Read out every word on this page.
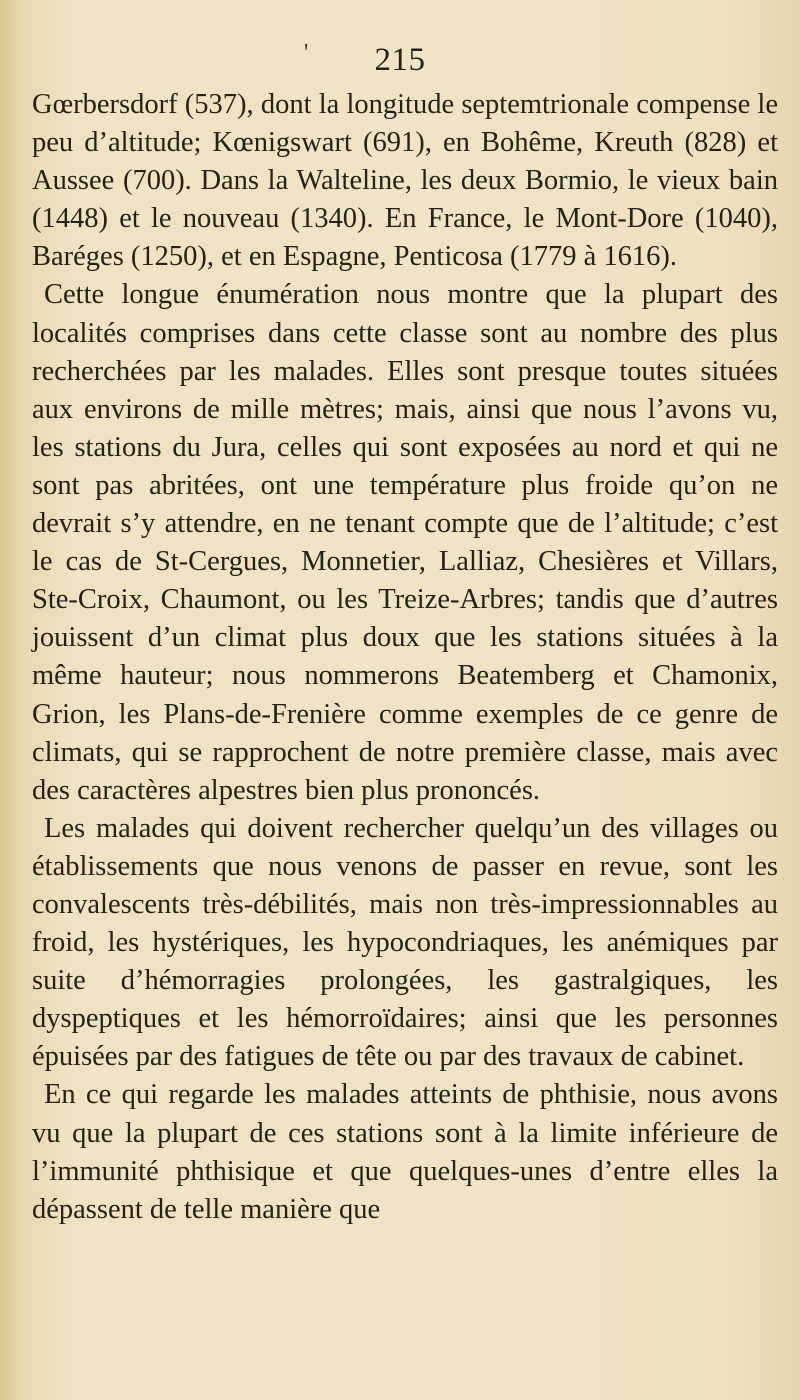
' 215

Gœrbersdorf (537), dont la longitude septemtrionale compense le peu d’altitude; Kœnigswart (691), en Bohême, Kreuth (828) et Aussee (700). Dans la Walteline, les deux Bormio, le vieux bain (1448) et le nouveau (1340). En France, le Mont-Dore (1040), Baréges (1250), et en Espagne, Penticosa (1779 à 1616).

Cette longue énumération nous montre que la plupart des localités comprises dans cette classe sont au nombre des plus recherchées par les malades. Elles sont presque toutes situées aux environs de mille mètres; mais, ainsi que nous l’avons vu, les stations du Jura, celles qui sont exposées au nord et qui ne sont pas abritées, ont une température plus froide qu’on ne devrait s’y attendre, en ne tenant compte que de l’altitude; c’est le cas de St-Cergues, Monnetier, Lalliaz, Chesières et Villars, Ste-Croix, Chaumont, ou les Treize-Arbres; tandis que d’autres jouissent d’un climat plus doux que les stations situées à la même hauteur; nous nommerons Beatemberg et Chamonix, Grion, les Plans-de-Frenière comme exemples de ce genre de climats, qui se rapprochent de notre première classe, mais avec des caractères alpestres bien plus prononcés.

Les malades qui doivent rechercher quelqu’un des villages ou établissements que nous venons de passer en revue, sont les convalescents très-débilités, mais non très-impressionnables au froid, les hystériques, les hypocondriaques, les anémiques par suite d’hémorragies prolongées, les gastralgiques, les dyspeptiques et les hémorroïdaires; ainsi que les personnes épuisées par des fatigues de tête ou par des travaux de cabinet.

En ce qui regarde les malades atteints de phthisie, nous avons vu que la plupart de ces stations sont à la limite inférieure de l’immunité phthisique et que quelques-unes d’entre elles la dépassent de telle manière que
